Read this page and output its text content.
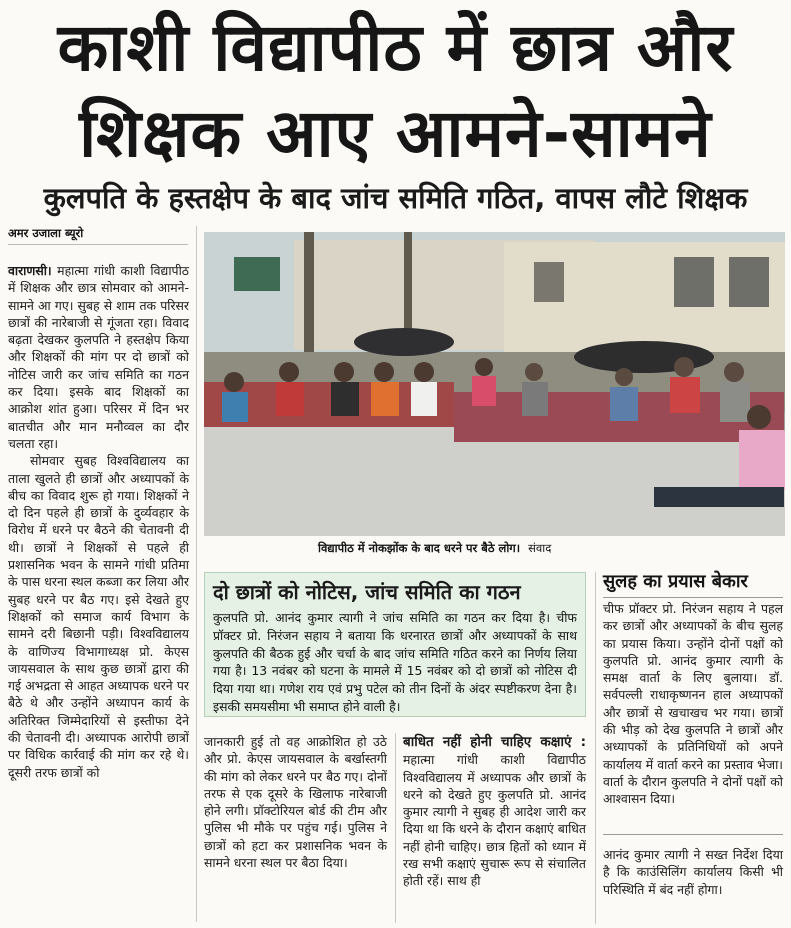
काशी विद्यापीठ में छात्र और
शिक्षक आए आमने-सामने
कुलपति के हस्तक्षेप के बाद जांच समिति गठित, वापस लौटे शिक्षक
अमर उजाला ब्यूरो

वाराणसी। महात्मा गांधी काशी विद्यापीठ में शिक्षक और छात्र सोमवार को आमने-सामने आ गए। सुबह से शाम तक परिसर छात्रों की नारेबाजी से गूंजता रहा। विवाद बढ़ता देखकर कुलपति ने हस्तक्षेप किया और शिक्षकों की मांग पर दो छात्रों को नोटिस जारी कर जांच समिति का गठन कर दिया। इसके बाद शिक्षकों का आक्रोश शांत हुआ। परिसर में दिन भर बातचीत और मान मनौव्वल का दौर चलता रहा।

सोमवार सुबह विश्वविद्यालय का ताला खुलते ही छात्रों और अध्यापकों के बीच का विवाद शुरू हो गया। शिक्षकों ने दो दिन पहले ही छात्रों के दुर्व्यवहार के विरोध में धरने पर बैठने की चेतावनी दी थी। छात्रों ने शिक्षकों से पहले ही प्रशासनिक भवन के सामने गांधी प्रतिमा के पास धरना स्थल कब्जा कर लिया और सुबह धरने पर बैठ गए। इसे देखते हुए शिक्षकों को समाज कार्य विभाग के सामने दरी बिछानी पड़ी। विश्वविद्यालय के वाणिज्य विभागाध्यक्ष प्रो. केएस जायसवाल के साथ कुछ छात्रों द्वारा की गई अभद्रता से आहत अध्यापक धरने पर बैठे थे और उन्होंने अध्यापन कार्य के अतिरिक्त जिम्मेदारियों से इस्तीफा देने की चेतावनी दी। अध्यापक आरोपी छात्रों पर विधिक कार्रवाई की मांग कर रहे थे। दूसरी तरफ छात्रों को

विद्यापीठ में नोकझोंक के बाद धरने पर बैठे लोग। संवाद
दो छात्रों को नोटिस, जांच समिति का गठन
कुलपति प्रो. आनंद कुमार त्यागी ने जांच समिति का गठन कर दिया है। चीफ प्रॉक्टर प्रो. निरंजन सहाय ने बताया कि धरनारत छात्रों और अध्यापकों के साथ कुलपति की बैठक हुई और चर्चा के बाद जांच समिति गठित करने का निर्णय लिया गया है। 13 नवंबर को घटना के मामले में 15 नवंबर को दो छात्रों को नोटिस दी दिया गया था। गणेश राय एवं प्रभु पटेल को तीन दिनों के अंदर स्पष्टीकरण देना है। इसकी समयसीमा भी समाप्त होने वाली है।

जानकारी हुई तो वह आक्रोशित हो उठे और प्रो. केएस जायसवाल के बर्खास्तगी की मांग को लेकर धरने पर बैठ गए। दोनों तरफ से एक दूसरे के खिलाफ नारेबाजी होने लगी। प्रॉक्टोरियल बोर्ड की टीम और पुलिस भी मौके पर पहुंच गई। पुलिस ने छात्रों को हटा कर प्रशासनिक भवन के सामने धरना स्थल पर बैठा दिया।

बाधित नहीं होनी चाहिए कक्षाएं : महात्मा गांधी काशी विद्यापीठ विश्वविद्यालय में अध्यापक और छात्रों के धरने को देखते हुए कुलपति प्रो. आनंद कुमार त्यागी ने सुबह ही आदेश जारी कर दिया था कि धरने के दौरान कक्षाएं बाधित नहीं होनी चाहिए। छात्र हितों को ध्यान में रख सभी कक्षाएं सुचारू रूप से संचालित होती रहें। साथ ही

सुलह का प्रयास बेकार

चीफ प्रॉक्टर प्रो. निरंजन सहाय ने पहल कर छात्रों और अध्यापकों के बीच सुलह का प्रयास किया। उन्होंने दोनों पक्षों को कुलपति प्रो. आनंद कुमार त्यागी के समक्ष वार्ता के लिए बुलाया। डॉ. सर्वपल्ली राधाकृष्णनन हाल अध्यापकों और छात्रों से खचाखच भर गया। छात्रों की भीड़ को देख कुलपति ने छात्रों और अध्यापकों के प्रतिनिधियों को अपने कार्यालय में वार्ता करने का प्रस्ताव भेजा। वार्ता के दौरान कुलपति ने दोनों पक्षों को आश्वासन दिया।

आनंद कुमार त्यागी ने सख्त निर्देश दिया है कि काउंसिलिंग कार्यालय किसी भी परिस्थिति में बंद नहीं होगा।
